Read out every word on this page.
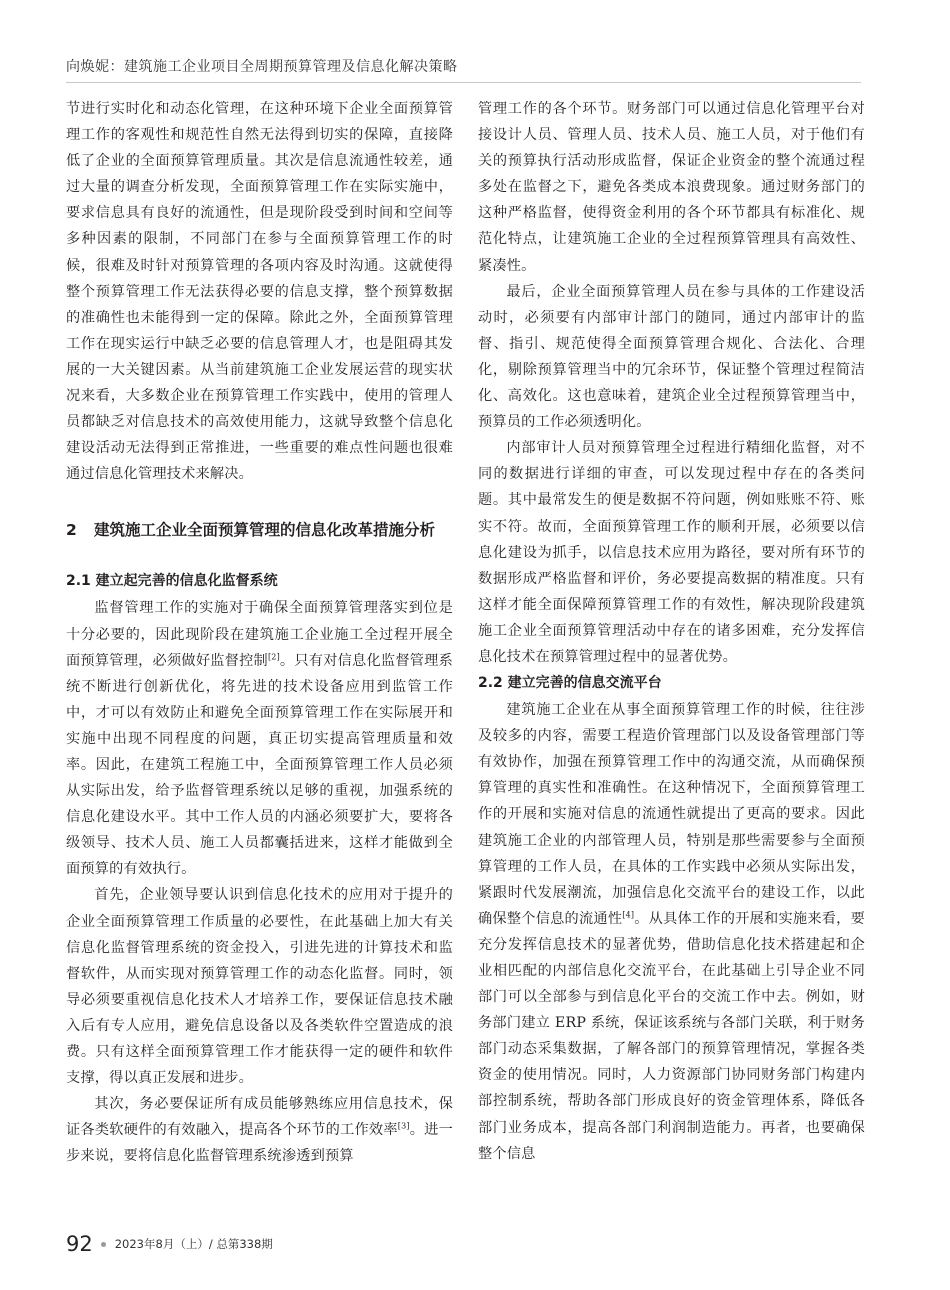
向焕妮：建筑施工企业项目全周期预算管理及信息化解决策略

节进行实时化和动态化管理，在这种环境下企业全面预算管理工作的客观性和规范性自然无法得到切实的保障，直接降低了企业的全面预算管理质量。其次是信息流通性较差，通过大量的调查分析发现，全面预算管理工作在实际实施中，要求信息具有良好的流通性，但是现阶段受到时间和空间等多种因素的限制，不同部门在参与全面预算管理工作的时候，很难及时针对预算管理的各项内容及时沟通。这就使得整个预算管理工作无法获得必要的信息支撑，整个预算数据的准确性也未能得到一定的保障。除此之外，全面预算管理工作在现实运行中缺乏必要的信息管理人才，也是阻碍其发展的一大关键因素。从当前建筑施工企业发展运营的现实状况来看，大多数企业在预算管理工作实践中，使用的管理人员都缺乏对信息技术的高效使用能力，这就导致整个信息化建设活动无法得到正常推进，一些重要的难点性问题也很难通过信息化管理技术来解决。

2	建筑施工企业全面预算管理的信息化改革措施分析

2.1 建立起完善的信息化监督系统

监督管理工作的实施对于确保全面预算管理落实到位是十分必要的，因此现阶段在建筑施工企业施工全过程开展全面预算管理，必须做好监督控制[2]。只有对信息化监督管理系统不断进行创新优化，将先进的技术设备应用到监管工作中，才可以有效防止和避免全面预算管理工作在实际展开和实施中出现不同程度的问题，真正切实提高管理质量和效率。因此，在建筑工程施工中，全面预算管理工作人员必须从实际出发，给予监督管理系统以足够的重视，加强系统的信息化建设水平。其中工作人员的内涵必须要扩大，要将各级领导、技术人员、施工人员都囊括进来，这样才能做到全面预算的有效执行。

首先，企业领导要认识到信息化技术的应用对于提升的企业全面预算管理工作质量的必要性，在此基础上加大有关信息化监督管理系统的资金投入，引进先进的计算技术和监督软件，从而实现对预算管理工作的动态化监督。同时，领导必须要重视信息化技术人才培养工作，要保证信息技术融入后有专人应用，避免信息设备以及各类软件空置造成的浪费。只有这样全面预算管理工作才能获得一定的硬件和软件支撑，得以真正发展和进步。

其次，务必要保证所有成员能够熟练应用信息技术，保证各类软硬件的有效融入，提高各个环节的工作效率[3]。进一步来说，要将信息化监督管理系统渗透到预算

管理工作的各个环节。财务部门可以通过信息化管理平台对接设计人员、管理人员、技术人员、施工人员，对于他们有关的预算执行活动形成监督，保证企业资金的整个流通过程多处在监督之下，避免各类成本浪费现象。通过财务部门的这种严格监督，使得资金利用的各个环节都具有标准化、规范化特点，让建筑施工企业的全过程预算管理具有高效性、紧凑性。

最后，企业全面预算管理人员在参与具体的工作建设活动时，必须要有内部审计部门的随同，通过内部审计的监督、指引、规范使得全面预算管理合规化、合法化、合理化，剔除预算管理当中的冗余环节，保证整个管理过程简洁化、高效化。这也意味着，建筑企业全过程预算管理当中，预算员的工作必须透明化。

内部审计人员对预算管理全过程进行精细化监督，对不同的数据进行详细的审查，可以发现过程中存在的各类问题。其中最常发生的便是数据不符问题，例如账账不符、账实不符。故而，全面预算管理工作的顺利开展，必须要以信息化建设为抓手，以信息技术应用为路径，要对所有环节的数据形成严格监督和评价，务必要提高数据的精准度。只有这样才能全面保障预算管理工作的有效性，解决现阶段建筑施工企业全面预算管理活动中存在的诸多困难，充分发挥信息化技术在预算管理过程中的显著优势。

2.2 建立完善的信息交流平台

建筑施工企业在从事全面预算管理工作的时候，往往涉及较多的内容，需要工程造价管理部门以及设备管理部门等有效协作，加强在预算管理工作中的沟通交流，从而确保预算管理的真实性和准确性。在这种情况下，全面预算管理工作的开展和实施对信息的流通性就提出了更高的要求。因此建筑施工企业的内部管理人员，特别是那些需要参与全面预算管理的工作人员，在具体的工作实践中必须从实际出发，紧跟时代发展潮流，加强信息化交流平台的建设工作，以此确保整个信息的流通性[4]。从具体工作的开展和实施来看，要充分发挥信息技术的显著优势，借助信息化技术搭建起和企业相匹配的内部信息化交流平台，在此基础上引导企业不同部门可以全部参与到信息化平台的交流工作中去。例如，财务部门建立 ERP 系统，保证该系统与各部门关联，利于财务部门动态采集数据，了解各部门的预算管理情况，掌握各类资金的使用情况。同时，人力资源部门协同财务部门构建内部控制系统，帮助各部门形成良好的资金管理体系，降低各部门业务成本，提高各部门利润制造能力。再者，也要确保整个信息

92 2023年8月（上）/ 总第338期
